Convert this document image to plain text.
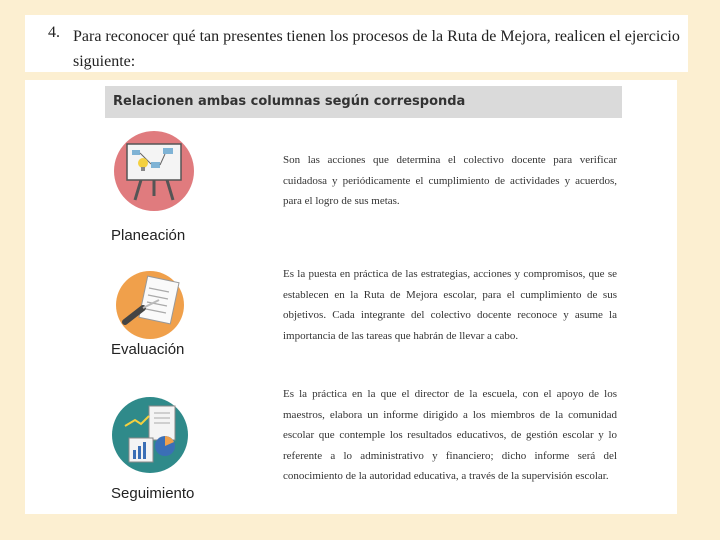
4. Para reconocer qué tan presentes tienen los procesos de la Ruta de Mejora, realicen el ejercicio siguiente:

Relacionen ambas columnas según corresponda
Planeación
Evaluación
Seguimiento

Son las acciones que determina el colectivo docente para verificar cuidadosa y periódicamente el cumplimiento de actividades y acuerdos, para el logro de sus metas.

Es la puesta en práctica de las estrategias, acciones y compromisos, que se establecen en la Ruta de Mejora escolar, para el cumplimiento de sus objetivos. Cada integrante del colectivo docente reconoce y asume la importancia de las tareas que habrán de llevar a cabo.

Es la práctica en la que el director de la escuela, con el apoyo de los maestros, elabora un informe dirigido a los miembros de la comunidad escolar que contemple los resultados educativos, de gestión escolar y lo referente a lo administrativo y financiero; dicho informe será del conocimiento de la autoridad educativa, a través de la supervisión escolar.
